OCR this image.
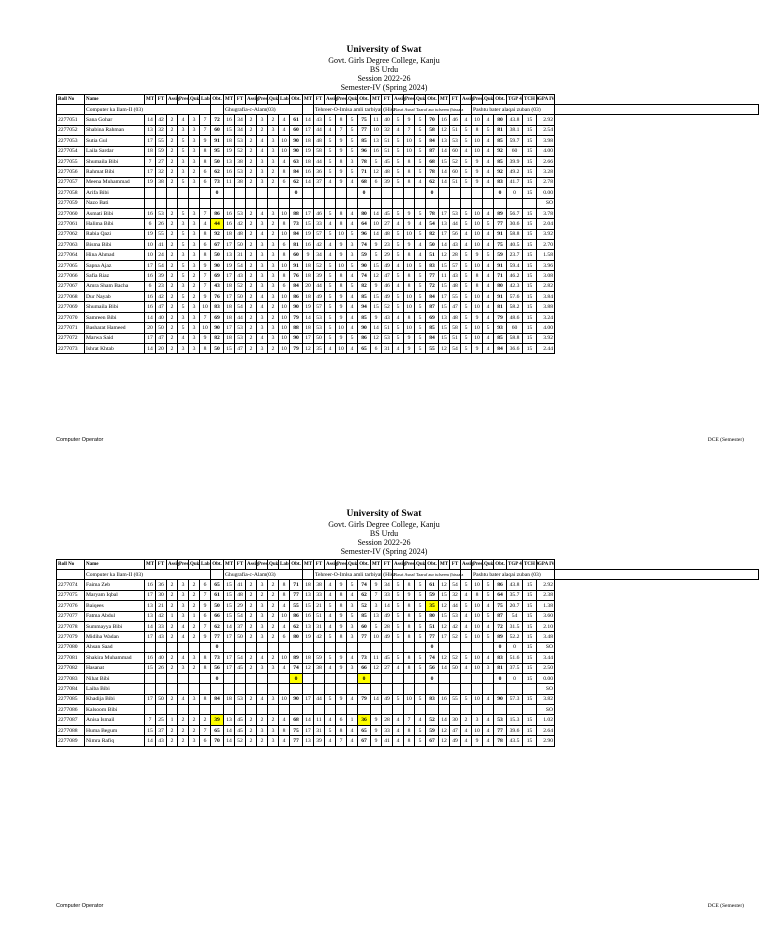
University of Swat
Govt. Girls Degree College, Kanju
BS Urdu
Session 2022-26
Semester-IV (Spring 2024)
Roll No	Name	MT	FT	Assig	Pres.	Quiz	Lab.	Obt.	MT	FT	Assig	Pres.	Quiz	Lab.	Obt.	MT	FT	Assig	Pres.	Quiz	Obt.	MT	FT	Assig	Pres.	Quiz	Obt.	MT	FT	Assig	Pres.	Quiz	Obt.	TGP 4	TCH 4	GPA IV	
	Computer ka Ilam-II (03)								Ghugrafia-c-Alam(03)								Tehreer-O-Imlsa amli tarbiyat (Hisa							Nasri Asnaf Taaruf aur tufseem (hissa a							Pashtu bater alaqai zuban (03)						
2277051	Sana Gohar	14	42	2	4	3	7	72	16	34	2	3	2	4	61	14	43	5	8	5	75	11	40	5	9	5	70	16	46	4	10	4	80	43.8	15	2.92	
2277052	Shabina Rahman	13	32	2	3	3	7	60	15	34	2	2	3	4	60	17	44	4	7	5	77	10	32	4	7	5	58	12	51	5	8	5	81	38.1	15	2.54	
2277053	Sutia Gul	17	55	2	5	3	9	91	18	53	2	4	3	10	90	18	48	5	9	5	85	13	51	5	10	5	84	13	53	5	10	4	85	59.7	15	3.98	
2277054	Laila Sardar	18	59	2	5	3	8	95	19	52	2	4	3	10	90	19	58	5	9	5	96	16	51	5	10	5	87	14	60	4	10	4	92	60	15	4.00	
2277055	Shumaila Bibi	7	27	2	3	3	8	50	13	38	2	3	3	4	63	18	44	5	8	3	78	5	45	5	8	5	68	15	52	5	9	4	85	39.9	15	2.66	
2277056	Rahmat Bibi	17	32	2	3	2	6	62	16	53	2	3	2	8	84	16	36	5	9	5	71	12	48	5	8	5	78	14	60	5	9	4	92	49.2	15	3.28	
2277057	Meena Muhammad	19	38	2	5	3	6	73	11	38	2	3	2	6	62	14	37	4	9	4	68	6	39	5	8	4	62	14	51	5	9	4	83	41.7	15	2.78	
2277058	Arifa Bibi							0							0						0						0						0	0	15	0.00	
2277059	Nazo Bati																																			SO	
2277060	Asmati Bibi	16	53	2	5	3	7	86	16	53	2	4	3	10	88	17	46	5	8	4	80	14	45	5	9	5	78	17	53	5	10	4	89	56.7	15	3.78	
2277061	Halima Bibi	6	26	2	3	3	4	44	16	42	2	3	2	8	73	15	33	4	8	4	64	10	27	4	9	4	54	13	44	5	10	5	77	30.6	15	2.04	
2277062	Rabia Qazi	19	55	2	5	3	8	92	18	48	2	4	2	10	84	19	57	5	10	5	96	14	48	5	10	5	82	17	56	4	10	4	91	58.8	15	3.92	
2277063	Bisma Bibi	10	41	2	5	3	6	67	17	50	2	3	3	6	81	16	42	4	9	3	74	9	23	5	9	4	50	14	43	4	10	4	75	40.5	15	2.70	
2277064	Hina Ahmad	10	24	2	3	3	8	50	13	31	2	3	3	8	60	9	34	4	9	3	59	5	29	5	8	4	51	12	28	5	9	5	59	23.7	15	1.58	
2277065	Sapna Ajaz	17	54	2	5	3	9	90	19	54	2	3	3	10	91	18	52	5	10	5	90	15	49	4	10	5	83	15	57	5	10	4	91	59.4	15	3.96	
2277066	Safia Riaz	16	39	2	5	2	7	69	17	43	2	3	3	8	76	18	39	5	8	4	74	12	47	5	8	5	77	11	43	5	8	4	71	46.2	15	3.08	
2277067	Amra Sham Bacha	6	23	2	3	2	7	43	18	52	2	3	3	6	84	20	44	5	8	5	82	9	46	4	8	5	72	15	48	5	8	4	80	42.3	15	2.82	
2277068	Dur Nayab	16	42	2	5	2	9	76	17	50	2	4	3	10	86	18	49	5	9	4	85	15	49	5	10	5	84	17	55	5	10	4	91	57.6	15	3.84	
2277069	Shumaila Bibi	16	47	2	5	3	10	83	18	54	2	4	2	10	90	19	57	5	9	4	94	15	52	5	10	5	87	15	47	5	10	4	81	58.2	15	3.88	
2277070	Samreen Bibi	14	40	2	3	3	7	69	18	44	2	3	2	10	79	14	53	5	9	4	85	9	43	4	8	5	69	13	48	5	9	4	79	48.6	15	3.24	
2277071	Basharat Hameed	20	50	2	5	3	10	90	17	53	2	3	3	10	88	18	53	5	10	4	90	14	51	5	10	5	85	15	58	5	10	5	93	60	15	4.00	
2277072	Marwa Said	17	47	2	4	3	9	82	18	53	2	4	3	10	90	17	50	5	9	5	86	12	53	5	9	5	84	15	51	5	10	4	85	58.8	15	3.92	
2277073	Ishrat Khtab	14	20	2	3	3	8	50	15	47	2	3	2	10	79	12	35	4	10	4	65	6	31	4	9	5	55	12	54	5	9	4	84	36.6	15	2.44	
Computer Operator	DCE (Semester)
University of Swat
Govt. Girls Degree College, Kanju
BS Urdu
Session 2022-26
Semester-IV (Spring 2024)
Roll No	Name	MT	FT	Assig	Pres.	Quiz	Lab.	Obt.	MT	FT	Assig	Pres.	Quiz	Lab.	Obt.	MT	FT	Assig	Pres.	Quiz	Obt.	MT	FT	Assig	Pres.	Quiz	Obt.	MT	FT	Assig	Pres.	Quiz	Obt.	TGP 4	TCH 4	GPA IV	
	Computer ka Ilam-II (03)								Ghugrafia-c-Alam(03)								Tehreer-O-Imlsa amli tarbiyat (Hisa							Nasri Asnaf Taaruf aur tufseem (hissa a							Pashtu bater alaqai zuban (03)						
2277074	Faima Zeb	16	36	2	3	2	6	65	15	41	2	3	2	8	71	18	38	4	9	5	74	9	34	5	8	5	61	12	54	5	10	5	86	43.8	15	2.92	
2277075	Maryam Iqbal	17	30	2	3	2	7	61	15	48	2	2	2	8	77	13	33	4	8	4	62	7	33	5	9	5	59	15	32	4	8	5	64	35.7	15	2.38	
2277076	Baiqees	13	21	2	3	2	9	50	15	29	2	3	2	4	55	15	21	5	8	3	52	3	14	5	8	5	35	12	44	5	10	4	75	20.7	15	1.38	
2277077	Fatma Abdul	13	42	1	3	1	6	66	15	54	2	3	2	10	86	16	51	4	9	5	85	13	49	5	8	5	80	15	53	4	10	5	87	54	15	3.60	
2277078	Summayya Bibi	14	33	2	4	2	7	62	14	37	2	3	2	4	62	13	31	4	9	3	60	5	28	5	8	5	51	12	42	4	10	4	72	31.5	15	2.10	
2277079	Midiha Wadan	17	43	2	4	2	9	77	17	50	2	3	2	6	80	19	42	5	8	3	77	10	49	5	8	5	77	17	52	5	10	5	89	52.2	15	3.48	
2277080	Ahsan Saad							0																			0						0	0	15	SO	
2277081	Shakira Muhammad	16	40	2	4	3	8	73	17	54	2	4	2	10	89	18	59	5	9	4	73	11	45	5	8	5	74	12	52	5	10	4	83	51.6	15	3.44	
2277082	Hasanat	15	26	2	3	2	8	56	17	45	2	3	3	4	74	12	38	4	9	3	66	12	27	4	8	5	56	14	50	4	10	3	81	37.5	15	2.50	
2277083	Nihat Bibi							0							0						0						0						0	0	15	0.00	
2277084	Laiba Bibi																																			SO	
2277085	Khadija Bibi	17	50	2	4	3	8	84	18	53	2	4	3	10	90	17	44	5	9	4	79	14	49	5	10	5	83	16	55	5	10	4	90	57.3	15	3.82	
2277086	Kalsoom Bibi																																			SO	
2277087	Anisa Ismail	7	25	1	2	2	2	39	13	45	2	2	2	4	68	14	11	4	6	1	36	9	28	4	7	4	52	14	30	2	3	4	53	15.3	15	1.02	
2277088	Huma Begum	15	37	2	2	2	7	65	14	45	2	3	3	8	75	17	31	5	8	4	65	9	33	4	8	5	59	12	47	4	10	4	77	39.6	15	2.64	
2277089	Nimra Rafiq	14	43	2	2	3	6	70	14	52	2	2	3	4	77	13	39	4	7	4	67	9	41	4	8	5	67	12	49	4	9	4	78	43.5	15	2.90	
Computer Operator	DCE (Semester)
